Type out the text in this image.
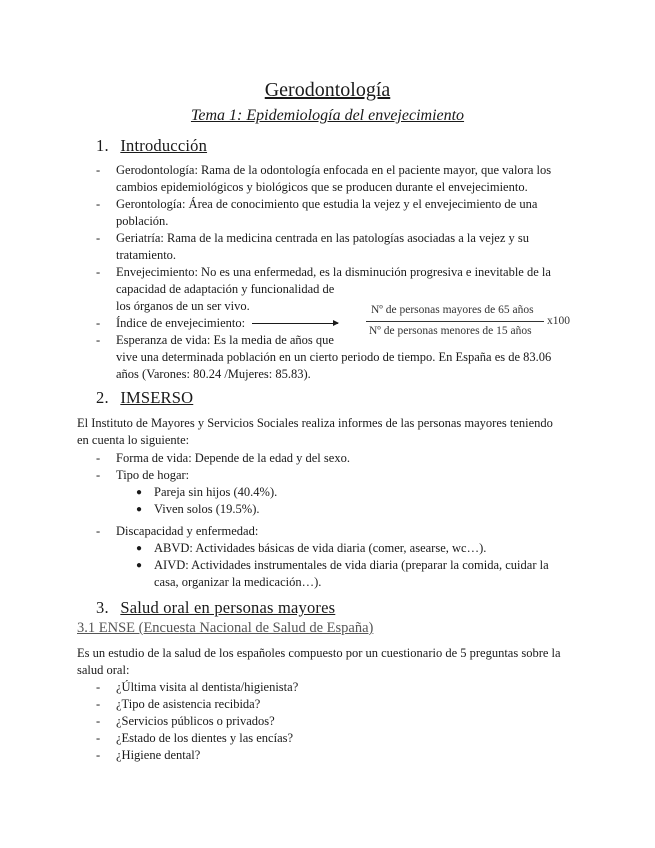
Gerodontología
Tema 1: Epidemiología del envejecimiento
1. Introducción
- Gerodontología: Rama de la odontología enfocada en el paciente mayor, que valora los
cambios epidemiológicos y biológicos que se producen durante el envejecimiento.
- Gerontología: Área de conocimiento que estudia la vejez y el envejecimiento de una
población.
- Geriatría: Rama de la medicina centrada en las patologías asociadas a la vejez y su
tratamiento.
- Envejecimiento: No es una enfermedad, es la disminución progresiva e inevitable de la
capacidad de adaptación y funcionalidad de
los órganos de un ser vivo.
- Índice de envejecimiento:
Nº de personas mayores de 65 años
Nº de personas menores de 15 años
x100
- Esperanza de vida: Es la media de años que
vive una determinada población en un cierto periodo de tiempo. En España es de 83.06
años (Varones: 80.24 /Mujeres: 85.83).
2. IMSERSO
El Instituto de Mayores y Servicios Sociales realiza informes de las personas mayores teniendo
en cuenta lo siguiente:
- Forma de vida: Depende de la edad y del sexo.
- Tipo de hogar:
● Pareja sin hijos (40.4%).
● Viven solos (19.5%).
- Discapacidad y enfermedad:
● ABVD: Actividades básicas de vida diaria (comer, asearse, wc…).
● AIVD: Actividades instrumentales de vida diaria (preparar la comida, cuidar la
casa, organizar la medicación…).
3. Salud oral en personas mayores
3.1 ENSE (Encuesta Nacional de Salud de España)
Es un estudio de la salud de los españoles compuesto por un cuestionario de 5 preguntas sobre la
salud oral:
- ¿Última visita al dentista/higienista?
- ¿Tipo de asistencia recibida?
- ¿Servicios públicos o privados?
- ¿Estado de los dientes y las encías?
- ¿Higiene dental?
